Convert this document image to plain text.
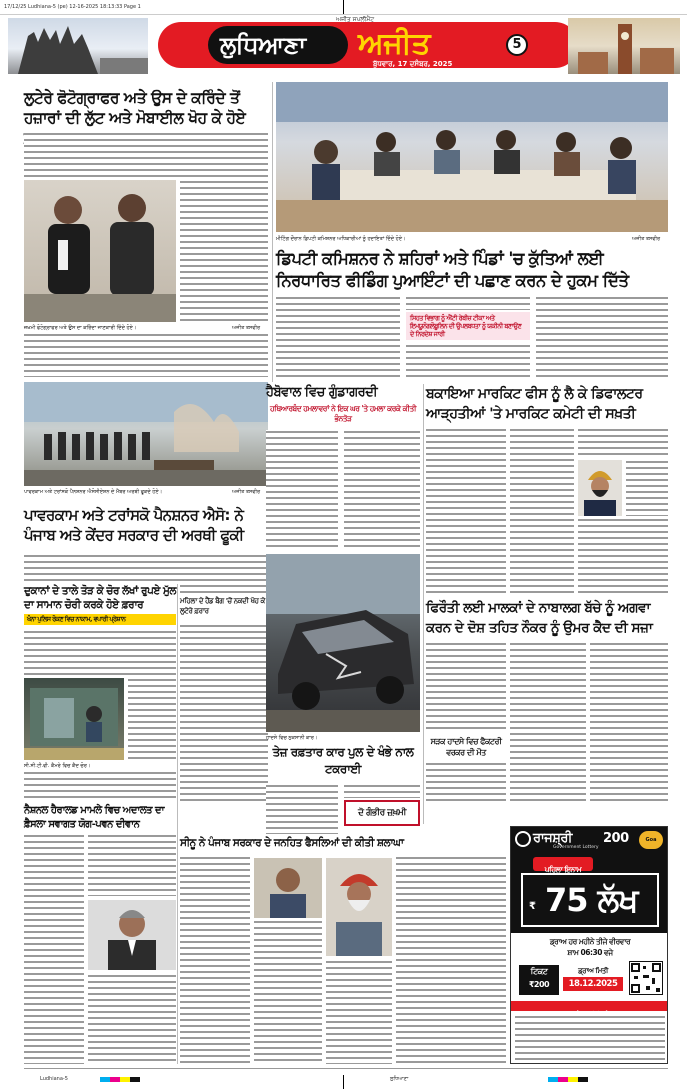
17/12/25 Ludhiana-5 (pe) 12-16-2025 18:13:33 Page 1
ਲੁਧਿਆਣਾ ਅਜੀਤ
ਅਜੀਤ ਸਪਲੀਮੈਂਟ
ਬੁੱਧਵਾਰ, 17 ਦਸੰਬਰ, 2025
5
ਲੁਟੇਰੇ ਫੋਟੋਗ੍ਰਾਫਰ ਅਤੇ ਉਸ ਦੇ ਕਰਿੰਦੇ ਤੋਂ ਹਜ਼ਾਰਾਂ ਦੀ ਲੁੱਟ ਅਤੇ ਮੋਬਾਈਲ ਖੋਹ ਕੇ ਹੋਏ
ਜ਼ਖ਼ਮੀ ਫੋਟੋਗ੍ਰਾਫਰ ਅਤੇ ਉਸ ਦਾ ਕਰਿੰਦਾ ਜਾਣਕਾਰੀ ਦਿੰਦੇ ਹੋਏ।	ਅਜੀਤ ਤਸਵੀਰ
ਮੀਟਿੰਗ ਦੌਰਾਨ ਡਿਪਟੀ ਕਮਿਸ਼ਨਰ ਅਧਿਕਾਰੀਆਂ ਨੂੰ ਹਦਾਇਤਾਂ ਦਿੰਦੇ ਹੋਏ।	ਅਜੀਤ ਤਸਵੀਰ
ਡਿਪਟੀ ਕਮਿਸ਼ਨਰ ਨੇ ਸ਼ਹਿਰਾਂ ਅਤੇ ਪਿੰਡਾਂ 'ਚ ਕੁੱਤਿਆਂ ਲਈ ਨਿਰਧਾਰਿਤ ਫੀਡਿੰਗ ਪੁਆਇੰਟਾਂ ਦੀ ਪਛਾਣ ਕਰਨ ਦੇ ਹੁਕਮ ਦਿੱਤੇ
ਸਿਹਤ ਵਿਭਾਗ ਨੂੰ ਐਂਟੀ ਰੇਬੀਜ਼ ਟੀਕਾ ਅਤੇ ਇਮਯੂਨੋਗਲੋਬੂਲਿਨ ਦੀ ਉਪਲਬਧਤਾ ਨੂੰ ਯਕੀਨੀ ਬਣਾਉਣ ਦੇ ਨਿਰਦੇਸ਼ ਜਾਰੀ
ਪਾਵਰਕਾਮ ਅਤੇ ਟਰਾਂਸਕੋ ਪੈਨਸ਼ਨਰ ਐਸੋਸੀਏਸ਼ਨ ਦੇ ਮੈਂਬਰ ਅਰਥੀ ਫੂਕਦੇ ਹੋਏ।	ਅਜੀਤ ਤਸਵੀਰ
ਪਾਵਰਕਾਮ ਅਤੇ ਟਰਾਂਸਕੋ ਪੈਨਸ਼ਨਰ ਐਸੋ: ਨੇ ਪੰਜਾਬ ਅਤੇ ਕੇਂਦਰ ਸਰਕਾਰ ਦੀ ਅਰਥੀ ਫੂਕੀ
ਦੁਕਾਨਾਂ ਦੇ ਤਾਲੇ ਤੋੜ ਕੇ ਚੋਰ ਲੱਖਾਂ ਰੁਪਏ ਮੁੱਲ ਦਾ ਸਾਮਾਨ ਚੋਰੀ ਕਰਕੇ ਹੋਏ ਫ਼ਰਾਰ
ਖੰਨਾ ਪੁਲਿਸ ਰੋਕਣ ਵਿਚ ਨਾਕਾਮ, ਵਪਾਰੀ ਪ੍ਰੇਸ਼ਾਨ
ਸੀ.ਸੀ.ਟੀ.ਵੀ. ਕੈਮਰੇ ਵਿਚ ਕੈਦ ਚੋਰ।
ਮਹਿਲਾ ਦੇ ਹੈਂਡ ਬੈਗ 'ਚੋਂ ਨਕਦੀ ਖੋਹ ਕੇ ਲੁਟੇਰੇ ਫ਼ਰਾਰ
ਹੈਬੋਵਾਲ ਵਿਚ ਗੁੰਡਾਗਰਦੀ
ਹਥਿਆਰਬੰਦ ਹਮਲਾਵਰਾਂ ਨੇ ਇਕ ਘਰ 'ਤੇ ਹਮਲਾ ਕਰਕੇ ਕੀਤੀ ਭੰਨਤੋੜ
ਹਾਦਸੇ ਵਿਚ ਨੁਕਸਾਨੀ ਕਾਰ।
ਤੇਜ਼ ਰਫ਼ਤਾਰ ਕਾਰ ਪੁਲ ਦੇ ਖੰਭੇ ਨਾਲ ਟਕਰਾਈ
ਦੋ ਗੰਭੀਰ ਜ਼ਖ਼ਮੀ
ਬਕਾਇਆ ਮਾਰਕਿਟ ਫੀਸ ਨੂੰ ਲੈ ਕੇ ਡਿਫਾਲਟਰ ਆੜ੍ਹਤੀਆਂ 'ਤੇ ਮਾਰਕਿਟ ਕਮੇਟੀ ਦੀ ਸਖ਼ਤੀ
ਫਿਰੌਤੀ ਲਈ ਮਾਲਕਾਂ ਦੇ ਨਾਬਾਲਗ ਬੱਚੇ ਨੂੰ ਅਗਵਾ ਕਰਨ ਦੇ ਦੋਸ਼ ਤਹਿਤ ਨੌਕਰ ਨੂੰ ਉਮਰ ਕੈਦ ਦੀ ਸਜ਼ਾ
ਸੜਕ ਹਾਦਸੇ ਵਿਚ ਫੈਕਟਰੀ ਵਰਕਰ ਦੀ ਮੌਤ
ਨੈਸ਼ਨਲ ਹੈਰਾਲਡ ਮਾਮਲੇ ਵਿਚ ਅਦਾਲਤ ਦਾ ਫ਼ੈਸਲਾ ਸਵਾਗਤ ਯੋਗ-ਪਵਨ ਦੀਵਾਨ
ਸੀਨੂ ਨੇ ਪੰਜਾਬ ਸਰਕਾਰ ਦੇ ਜਨਹਿਤ ਫੈਸਲਿਆਂ ਦੀ ਕੀਤੀ ਸ਼ਲਾਘਾ	ਰਾਜਸ਼੍ਰੀ 200
Government Lottery
Goa
ਪਹਿਲਾ ਇਨਾਮ
₹ 75 ਲੱਖ
ਡ੍ਰਾਅ ਹਰ ਮਹੀਨੇ ਤੀਜੇ ਵੀਰਵਾਰ
ਸ਼ਾਮ 06:30 ਵਜੇ
ਟਿਕਟ
₹200
ਡ੍ਰਾਅ ਮਿਤੀ
18.12.2025
Ludhiana-5	ਲੁਧਿਆਣਾ
